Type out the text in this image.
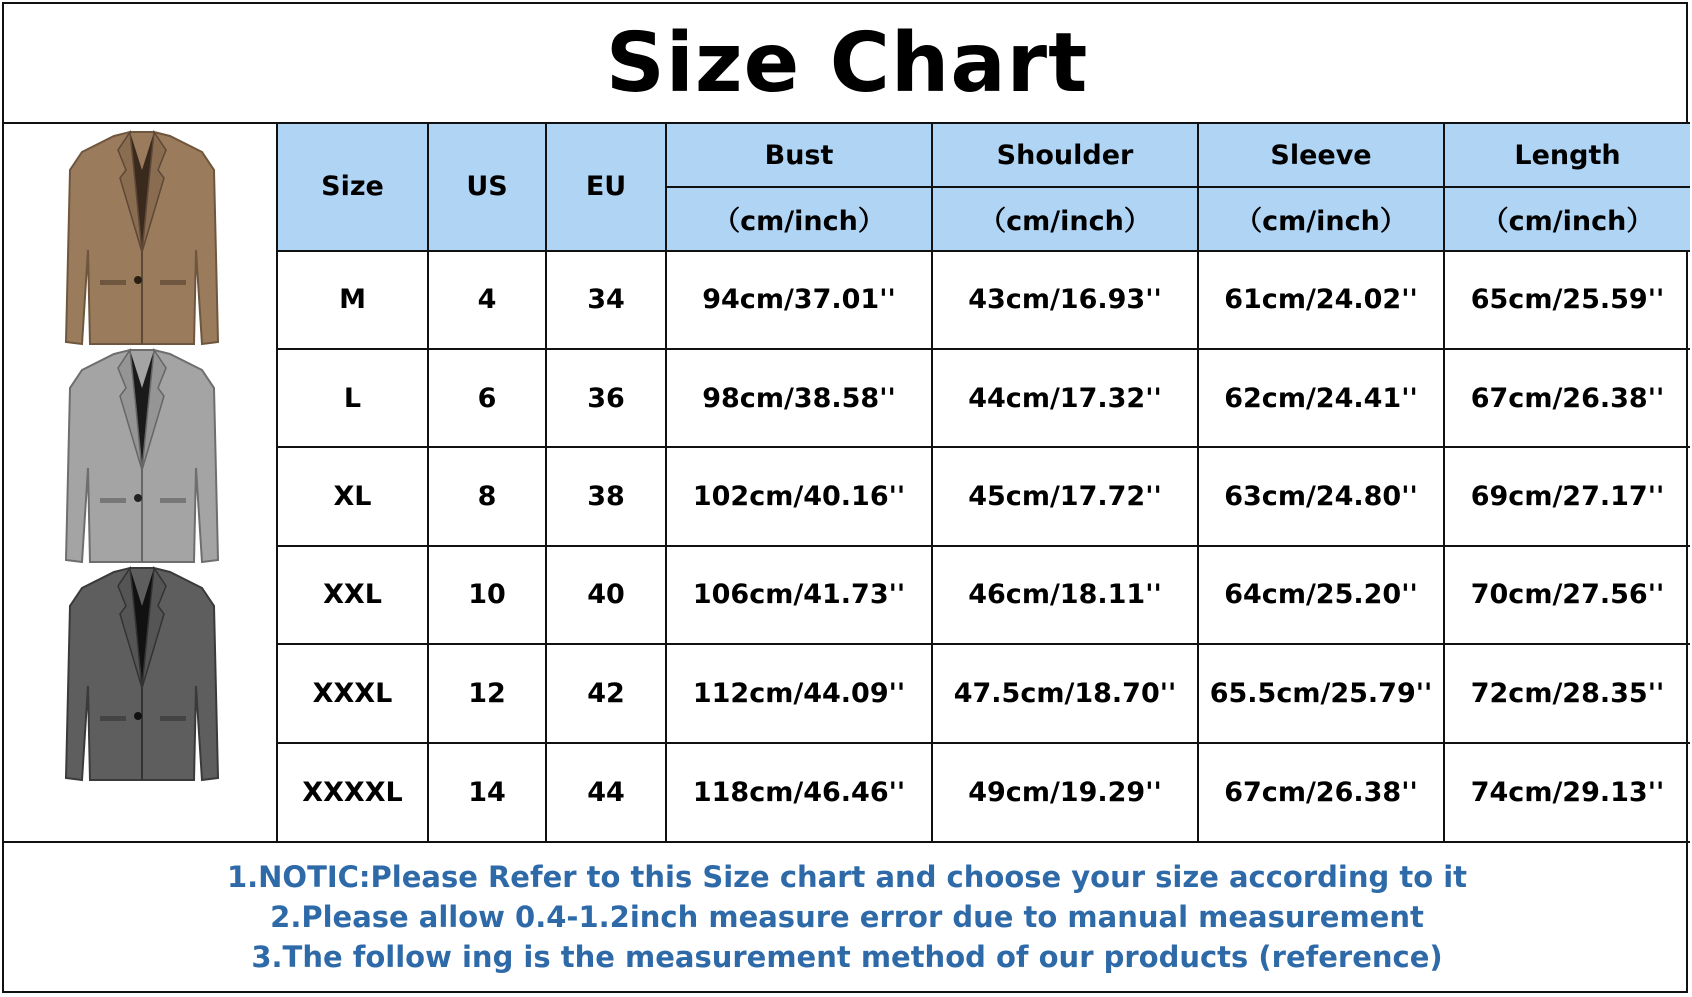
Size Chart
Size	US	EU	Bust	Shoulder	Sleeve	Length
			（cm/inch）	（cm/inch）	（cm/inch）	（cm/inch）
M	4	34	94cm/37.01''	43cm/16.93''	61cm/24.02''	65cm/25.59''
L	6	36	98cm/38.58''	44cm/17.32''	62cm/24.41''	67cm/26.38''
XL	8	38	102cm/40.16''	45cm/17.72''	63cm/24.80''	69cm/27.17''
XXL	10	40	106cm/41.73''	46cm/18.11''	64cm/25.20''	70cm/27.56''
XXXL	12	42	112cm/44.09''	47.5cm/18.70''	65.5cm/25.79''	72cm/28.35''
XXXXL	14	44	118cm/46.46''	49cm/19.29''	67cm/26.38''	74cm/29.13''
1.NOTIC:Please Refer to this Size chart and choose your size according to it
2.Please allow 0.4-1.2inch measure error due to manual measurement
3.The follow ing is the measurement method of our products (reference)
